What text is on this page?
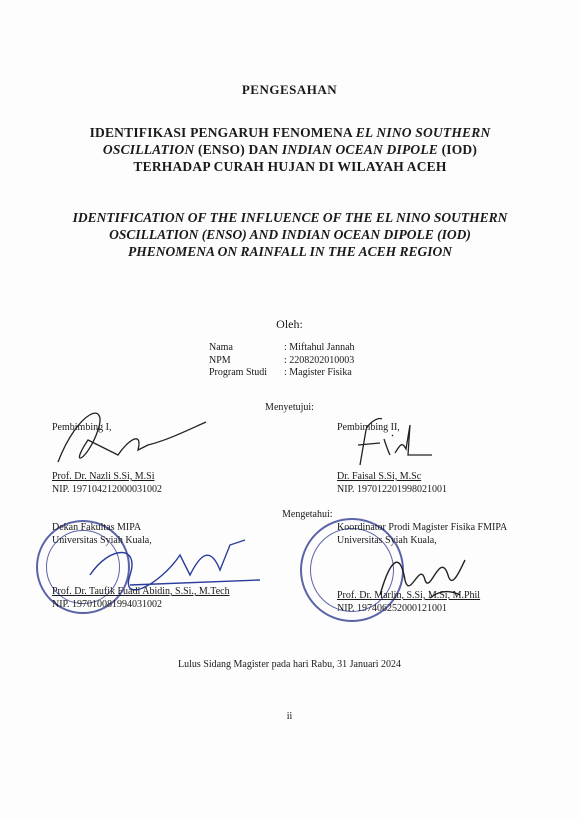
PENGESAHAN
IDENTIFIKASI PENGARUH FENOMENA EL NINO SOUTHERN OSCILLATION (ENSO) DAN INDIAN OCEAN DIPOLE (IOD) TERHADAP CURAH HUJAN DI WILAYAH ACEH
IDENTIFICATION OF THE INFLUENCE OF THE EL NINO SOUTHERN OSCILLATION (ENSO) AND INDIAN OCEAN DIPOLE (IOD) PHENOMENA ON RAINFALL IN THE ACEH REGION
Oleh:
Nama	: Miftahul Jannah
NPM	: 2208202010003
Program Studi	: Magister Fisika
Menyetujui:
Pembimbing I,
Prof. Dr. Nazli S.Si, M.Si
NIP. 197104212000031002
Pembimbing II,
Dr. Faisal S.Si, M.Sc
NIP. 197012201998021001
Mengetahui:
Dekan Fakultas MIPA
Universitas Syiah Kuala,
Prof. Dr. Taufik Fuadi Abidin, S.Si., M.Tech
NIP. 197010081994031002
Koordinator Prodi Magister Fisika FMIPA
Universitas Syiah Kuala,
Prof. Dr. Marlin, S.Si, M.Si, M.Phil
NIP. 197406252000121001
Lulus Sidang Magister pada hari Rabu, 31 Januari 2024
ii
